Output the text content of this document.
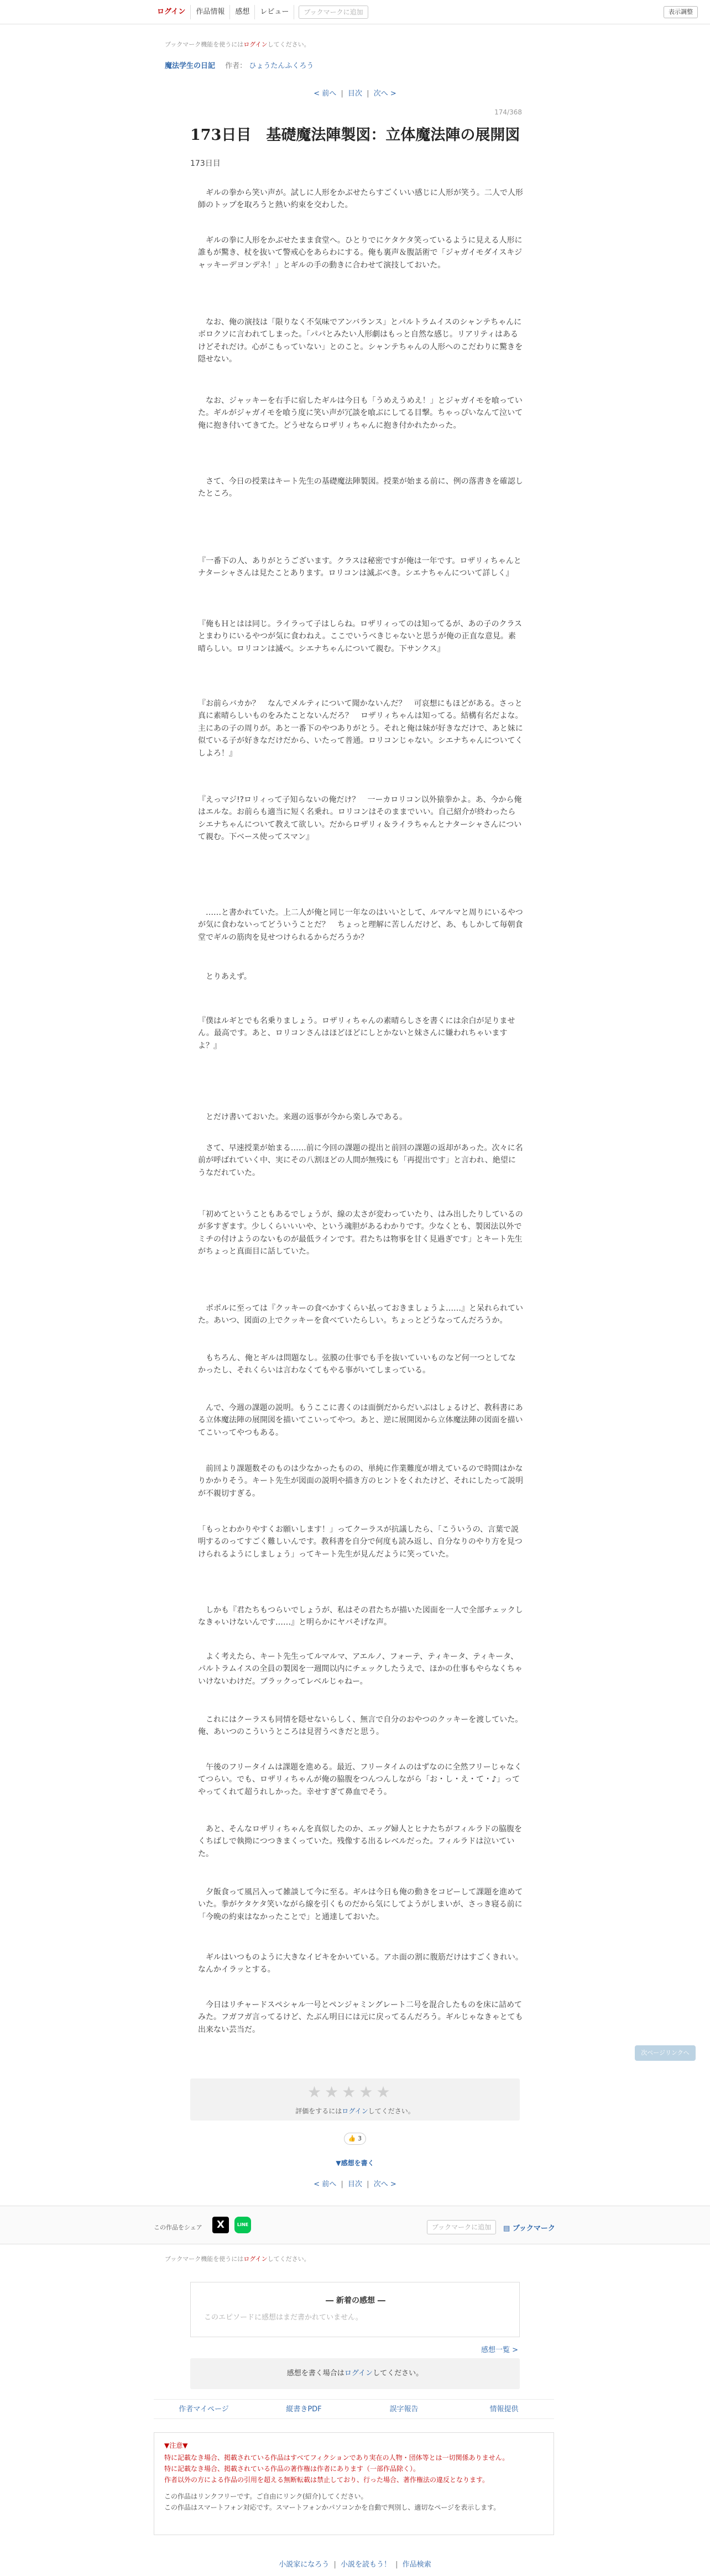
ログイン	作品情報	感想	レビュー	ブックマークに追加	表示調整
ブックマーク機能を使うにはログインしてください。
魔法学生の日記 作者： ひょうたんふくろう
< 前へ | 目次 | 次へ >
174/368
173日目　基礎魔法陣製図：立体魔法陣の展開図
173日目

　ギルの拳から笑い声が。試しに人形をかぶせたらすごくいい感じに人形が笑う。二人で人形師のトップを取ろうと熱い約束を交わした。

　ギルの拳に人形をかぶせたまま食堂へ。ひとりでにケタケタ笑っているように見える人形に誰もが驚き、杖を抜いて警戒心をあらわにする。俺も裏声＆腹話術で「ジャガイモダイスキジャッキーデヨンデネ！」とギルの手の動きに合わせて演技しておいた。

　なお、俺の演技は「限りなく不気味でアンバランス」とパルトラムイスのシャンテちゃんにボロクソに言われてしまった。「パパとみたい人形劇はもっと自然な感じ。リアリティはあるけどそれだけ。心がこもっていない」とのこと。シャンテちゃんの人形へのこだわりに驚きを隠せない。

　なお、ジャッキーを右手に宿したギルは今日も「うめえうめえ！」とジャガイモを喰っていた。ギルがジャガイモを喰う度に笑い声が冗談を喰ぶにしてる目撃。ちゃっぴいなんて泣いて俺に抱き付いてきてた。どうせならロザリィちゃんに抱き付かれたかった。

　さて、今日の授業はキート先生の基礎魔法陣製図。授業が始まる前に、例の落書きを確認したところ。

『一番下の人、ありがとうございます。クラスは秘密ですが俺は一年です。ロザリィちゃんとナターシャさんは見たことあります。ロリコンは滅ぶべき。シエナちゃんについて詳しく』

『俺もＨとはは同じ。ライラって子はしらね。ロザリィってのは知ってるが、あの子のクラスとまわりにいるやつが気に食わねえ。ここでいうべきじゃないと思うが俺の正直な意見。素晴らしい。ロリコンは滅べ。シエナちゃんについて親む。下サンクス』

『お前らバカか？　なんでメルティについて聞かないんだ？　可哀想にもほどがある。さっと真に素晴らしいものをみたことないんだろ？　ロザリィちゃんは知ってる。結構有名だよな。主にあの子の周りが。あと一番下のやつありがとう。それと俺は妹が好きなだけで、あと妹に似ている子が好きなだけだから、いたって普通。ロリコンじゃない。シエナちゃんについてくしよろ！』

『えっマジ!?ロリィって子知らないの俺だけ？　一ーカロリコン以外猿拳かよ。あ、今から俺はエルな。お前らも適当に短く名乗れ。ロリコンはそのままでいい。自己紹介が終わったらシエナちゃんについて教えて欲しい。だからロザリィ＆ライラちゃんとナターシャさんについて親む。下ベース使ってスマン』

　……と書かれていた。上二人が俺と同じ一年なのはいいとして、ルマルマと周りにいるやつが気に食わないってどういうことだ？　ちょっと理解に苦しんだけど、あ、もしかして毎朝食堂でギルの筋肉を見せつけられるからだろうか？

　とりあえず。

『僕はルギとでも名乗りましょう。ロザリィちゃんの素晴らしさを書くには余白が足りません。最高です。あと、ロリコンさんはほどほどにしとかないと妹さんに嫌われちゃいますよ？』

　とだけ書いておいた。来週の返事が今から楽しみである。

　さて、早速授業が始まる……前に今回の課題の提出と前回の課題の返却があった。次々に名前が呼ばれていく中、実にその八割ほどの人間が無残にも「再提出です」と言われ、絶望にうなだれていた。

「初めてということもあるでしょうが、線の太さが変わっていたり、はみ出したりしているのが多すぎます。少しくらいいいや、という魂胆があるわかりです。少なくとも、製図法以外でミチの付けようのないものが最低ラインです。君たちは物事を甘く見過ぎです」とキート先生がちょっと真面目に話していた。

　ポポルに至っては『クッキーの食べかすくらい払っておきましょうよ……』と呆れられていた。あいつ、図面の上でクッキーを食べていたらしい。ちょっとどうなってんだろうか。

　もちろん、俺とギルは問題なし。弦膜の仕事でも手を抜いていいものなど何一つとしてなかったし、それくらいは言わなくてもやる事がいてしまっている。

　んで、今週の課題の説明。もうここに書くのは面倒だからだいぶはしょるけど、教科書にある立体魔法陣の展開図を描いてこいってやつ。あと、逆に展開図から立体魔法陣の図面を描いてこいってやつもある。

　前回より課題数そのものは少なかったものの、単純に作業難度が増えているので時間はかなりかかりそう。キート先生が図面の説明や描き方のヒントをくれたけど、それにしたって説明が不親切すぎる。

「もっとわかりやすくお願いします！」ってクーラスが抗議したら、「こういうの、言葉で説明するのってすごく難しいんです。教科書を自分で何度も読み返し、自分なりのやり方を見つけられるようにしましょう」ってキート先生が見んだように笑っていた。

　しかも『君たちもつらいでしょうが、私はその君たちが描いた図面を一人で全部チェックしなきゃいけないんです……』と明らかにヤバそげな声。

　よく考えたら、キート先生ってルマルマ、アエルノ、フォーテ、ティキータ、ティキータ、パルトラムイスの全員の製図を一週間以内にチェックしたうえで、ほかの仕事もやらなくちゃいけないわけだ。ブラックってレベルじゃねー。

　これにはクーラスも同情を隠せないらしく、無言で自分のおやつのクッキーを渡していた。俺、あいつのこういうところは見習うべきだと思う。

　午後のフリータイムは課題を進める。最近、フリータイムのはずなのに全然フリーじゃなくてつらい。でも、ロザリィちゃんが俺の脇腹をつんつんしながら「お・し・え・て・♪」ってやってくれて超うれしかった。幸せすぎて鼻血でそう。

　あと、そんなロザリィちゃんを真似したのか、エッグ婦人とヒナたちがフィルラドの脇腹をくちばしで執拗につつきまくっていた。残像する出るレベルだった。フィルラドは泣いていた。

　夕飯食って風呂入って雑談して今に至る。ギルは今日も俺の動きをコピーして課題を進めていた。拳がケタケタ笑いながら線を引くものだから気にしてようがしまいが、さっき寝る前に「今晩の約束はなかったことで」と通達しておいた。

　ギルはいつものように大きなイビキをかいている。アホ面の割に腹筋だけはすごくきれい。なんかイラッとする。

　今日はリチャードスペシャル一号とペンジャミングレート二号を混合したものを床に詰めてみた。フガフガ言ってるけど、たぶん明日には元に戻ってるんだろう。ギルじゃなきゃとても出来ない芸当だ。

次ページリンクへ
★ ★ ★ ★ ★
評価をするにはログインしてください。
👍 3
▼感想を書く
< 前へ | 目次 | 次へ >
この作品をシェア	X	LINE	ブックマークに追加	▤ ブックマーク
ブックマーク機能を使うにはログインしてください。
― 新着の感想 ―
このエピソードに感想はまだ書かれていません。
感想一覧 >
感想を書く場合はログインしてください。
作者マイページ	縦書きPDF	誤字報告	情報提供
▼注意▼
特に記載なき場合、掲載されている作品はすべてフィクションであり実在の人物・団体等とは一切関係ありません。
特に記載なき場合、掲載されている作品の著作権は作者にあります（一部作品除く）。
作者以外の方による作品の引用を超える無断転載は禁止しており、行った場合、著作権法の違反となります。
この作品はリンクフリーです。ご自由にリンク(紹介)してください。
この作品はスマートフォン対応です。スマートフォンかパソコンかを自動で判別し、適切なページを表示します。
小説家になろう | 小説を読もう！ | 作品検索
